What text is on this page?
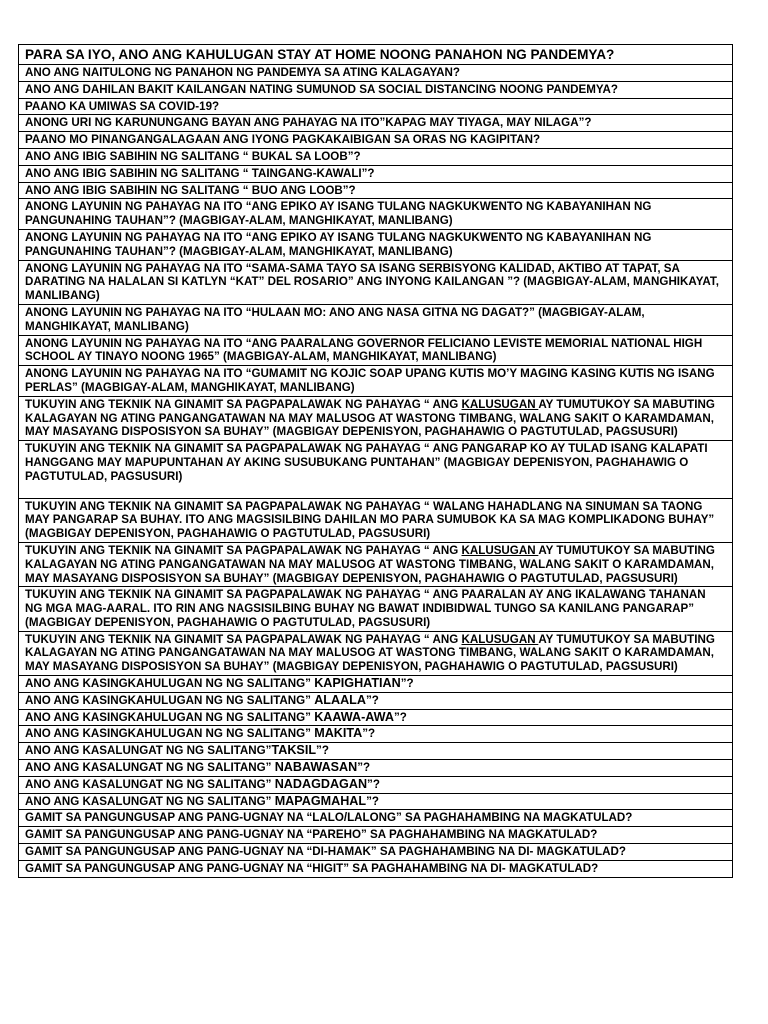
PARA SA IYO, ANO ANG KAHULUGAN STAY AT HOME NOONG PANAHON NG PANDEMYA?
ANO ANG NAITULONG NG PANAHON NG PANDEMYA SA ATING KALAGAYAN?
ANO ANG DAHILAN BAKIT KAILANGAN NATING SUMUNOD SA SOCIAL DISTANCING NOONG PANDEMYA?
PAANO KA UMIWAS SA COVID-19?
ANONG URI NG KARUNUNGANG BAYAN ANG PAHAYAG NA ITO”KAPAG MAY TIYAGA, MAY NILAGA”?
PAANO MO PINANGANGALAGAAN ANG IYONG PAGKAKAIBIGAN SA ORAS NG KAGIPITAN?
ANO ANG IBIG SABIHIN NG SALITANG “ BUKAL SA LOOB”?
ANO ANG IBIG SABIHIN NG SALITANG “ TAINGANG-KAWALI”?
ANO ANG IBIG SABIHIN NG SALITANG “ BUO ANG LOOB”?
ANONG LAYUNIN NG PAHAYAG NA ITO “ANG EPIKO AY ISANG TULANG NAGKUKWENTO NG KABAYANIHAN NG PANGUNAHING TAUHAN”? (MAGBIGAY-ALAM, MANGHIKAYAT, MANLIBANG)
ANONG LAYUNIN NG PAHAYAG NA ITO “ANG EPIKO AY ISANG TULANG NAGKUKWENTO NG KABAYANIHAN NG PANGUNAHING TAUHAN”? (MAGBIGAY-ALAM, MANGHIKAYAT, MANLIBANG)
ANONG LAYUNIN NG PAHAYAG NA ITO “SAMA-SAMA TAYO SA ISANG SERBISYONG KALIDAD, AKTIBO AT TAPAT, SA DARATING NA HALALAN SI KATLYN “KAT” DEL ROSARIO” ANG INYONG KAILANGAN ”? (MAGBIGAY-ALAM, MANGHIKAYAT, MANLIBANG)
ANONG LAYUNIN NG PAHAYAG NA ITO “HULAAN MO: ANO ANG NASA GITNA NG DAGAT?” (MAGBIGAY-ALAM, MANGHIKAYAT, MANLIBANG)
ANONG LAYUNIN NG PAHAYAG NA ITO “ANG PAARALANG GOVERNOR FELICIANO LEVISTE MEMORIAL NATIONAL HIGH SCHOOL AY TINAYO NOONG 1965” (MAGBIGAY-ALAM, MANGHIKAYAT, MANLIBANG)
ANONG LAYUNIN NG PAHAYAG NA ITO “GUMAMIT NG KOJIC SOAP UPANG KUTIS MO’Y MAGING KASING KUTIS NG ISANG PERLAS” (MAGBIGAY-ALAM, MANGHIKAYAT, MANLIBANG)
TUKUYIN ANG TEKNIK NA GINAMIT SA PAGPAPALAWAK NG PAHAYAG “ ANG KALUSUGAN AY TUMUTUKOY SA MABUTING KALAGAYAN NG ATING PANGANGATAWAN NA MAY MALUSOG AT WASTONG TIMBANG, WALANG SAKIT O KARAMDAMAN, MAY MASAYANG DISPOSISYON SA BUHAY” (MAGBIGAY DEPENISYON, PAGHAHAWIG O PAGTUTULAD, PAGSUSURI)
TUKUYIN ANG TEKNIK NA GINAMIT SA PAGPAPALAWAK NG PAHAYAG “ ANG PANGARAP KO AY TULAD ISANG KALAPATI HANGGANG MAY MAPUPUNTAHAN AY AKING SUSUBUKANG PUNTAHAN” (MAGBIGAY DEPENISYON, PAGHAHAWIG O PAGTUTULAD, PAGSUSURI)
TUKUYIN ANG TEKNIK NA GINAMIT SA PAGPAPALAWAK NG PAHAYAG “ WALANG HAHADLANG NA SINUMAN SA TAONG MAY PANGARAP SA BUHAY. ITO ANG MAGSISILBING DAHILAN MO PARA SUMUBOK KA SA MAG KOMPLIKADONG BUHAY” (MAGBIGAY DEPENISYON, PAGHAHAWIG O PAGTUTULAD, PAGSUSURI)
TUKUYIN ANG TEKNIK NA GINAMIT SA PAGPAPALAWAK NG PAHAYAG “ ANG KALUSUGAN AY TUMUTUKOY SA MABUTING KALAGAYAN NG ATING PANGANGATAWAN NA MAY MALUSOG AT WASTONG TIMBANG, WALANG SAKIT O KARAMDAMAN, MAY MASAYANG DISPOSISYON SA BUHAY” (MAGBIGAY DEPENISYON, PAGHAHAWIG O PAGTUTULAD, PAGSUSURI)
TUKUYIN ANG TEKNIK NA GINAMIT SA PAGPAPALAWAK NG PAHAYAG “ ANG PAARALAN AY ANG IKALAWANG TAHANAN NG MGA MAG-AARAL. ITO RIN ANG NAGSISILBING BUHAY NG BAWAT INDIBIDWAL TUNGO SA KANILANG PANGARAP” (MAGBIGAY DEPENISYON, PAGHAHAWIG O PAGTUTULAD, PAGSUSURI)
TUKUYIN ANG TEKNIK NA GINAMIT SA PAGPAPALAWAK NG PAHAYAG “ ANG KALUSUGAN AY TUMUTUKOY SA MABUTING KALAGAYAN NG ATING PANGANGATAWAN NA MAY MALUSOG AT WASTONG TIMBANG, WALANG SAKIT O KARAMDAMAN, MAY MASAYANG DISPOSISYON SA BUHAY” (MAGBIGAY DEPENISYON, PAGHAHAWIG O PAGTUTULAD, PAGSUSURI)
ANO ANG KASINGKAHULUGAN NG NG SALITANG” KAPIGHATIAN”?
ANO ANG KASINGKAHULUGAN NG NG SALITANG” ALAALA”?
ANO ANG KASINGKAHULUGAN NG NG SALITANG” KAAWA-AWA”?
ANO ANG KASINGKAHULUGAN NG NG SALITANG” MAKITA”?
ANO ANG KASALUNGAT NG NG SALITANG”TAKSIL”?
ANO ANG KASALUNGAT NG NG SALITANG” NABAWASAN”?
ANO ANG KASALUNGAT NG NG SALITANG” NADAGDAGAN”?
ANO ANG KASALUNGAT NG NG SALITANG” MAPAGMAHAL”?
GAMIT SA PANGUNGUSAP ANG PANG-UGNAY NA “LALO/LALONG” SA PAGHAHAMBING NA MAGKATULAD?
GAMIT SA PANGUNGUSAP ANG PANG-UGNAY NA “PAREHO” SA PAGHAHAMBING NA MAGKATULAD?
GAMIT SA PANGUNGUSAP ANG PANG-UGNAY NA “DI-HAMAK” SA PAGHAHAMBING NA DI- MAGKATULAD?
GAMIT SA PANGUNGUSAP ANG PANG-UGNAY NA “HIGIT” SA PAGHAHAMBING NA DI- MAGKATULAD?
